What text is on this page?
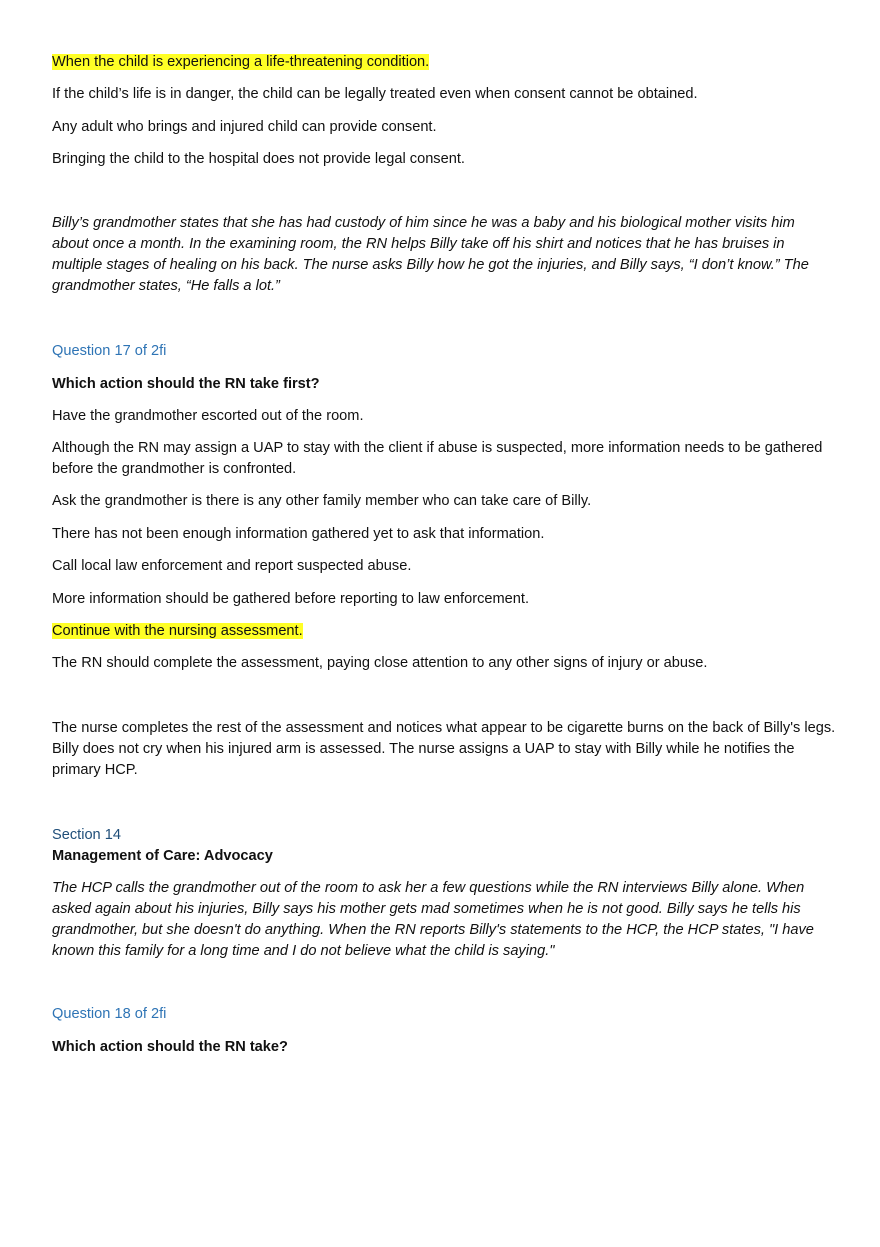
When the child is experiencing a life-threatening condition.

If the child’s life is in danger, the child can be legally treated even when consent cannot be obtained.

Any adult who brings and injured child can provide consent.

Bringing the child to the hospital does not provide legal consent.

Billy’s grandmother states that she has had custody of him since he was a baby and his biological mother visits him about once a month. In the examining room, the RN helps Billy take off his shirt and notices that he has bruises in multiple stages of healing on his back. The nurse asks Billy how he got the injuries, and Billy says, “I don’t know.” The grandmother states, “He falls a lot.”

Question 17 of 2fi

Which action should the RN take first?

Have the grandmother escorted out of the room.

Although the RN may assign a UAP to stay with the client if abuse is suspected, more information needs to be gathered before the grandmother is confronted.

Ask the grandmother is there is any other family member who can take care of Billy.

There has not been enough information gathered yet to ask that information.

Call local law enforcement and report suspected abuse.

More information should be gathered before reporting to law enforcement.

Continue with the nursing assessment.

The RN should complete the assessment, paying close attention to any other signs of injury or abuse.

The nurse completes the rest of the assessment and notices what appear to be cigarette burns on the back of Billy's legs. Billy does not cry when his injured arm is assessed. The nurse assigns a UAP to stay with Billy while he notifies the primary HCP.

Section 14

Management of Care: Advocacy

The HCP calls the grandmother out of the room to ask her a few questions while the RN interviews Billy alone. When asked again about his injuries, Billy says his mother gets mad sometimes when he is not good. Billy says he tells his grandmother, but she doesn't do anything. When the RN reports Billy's statements to the HCP, the HCP states, "I have known this family for a long time and I do not believe what the child is saying."

Question 18 of 2fi

Which action should the RN take?
